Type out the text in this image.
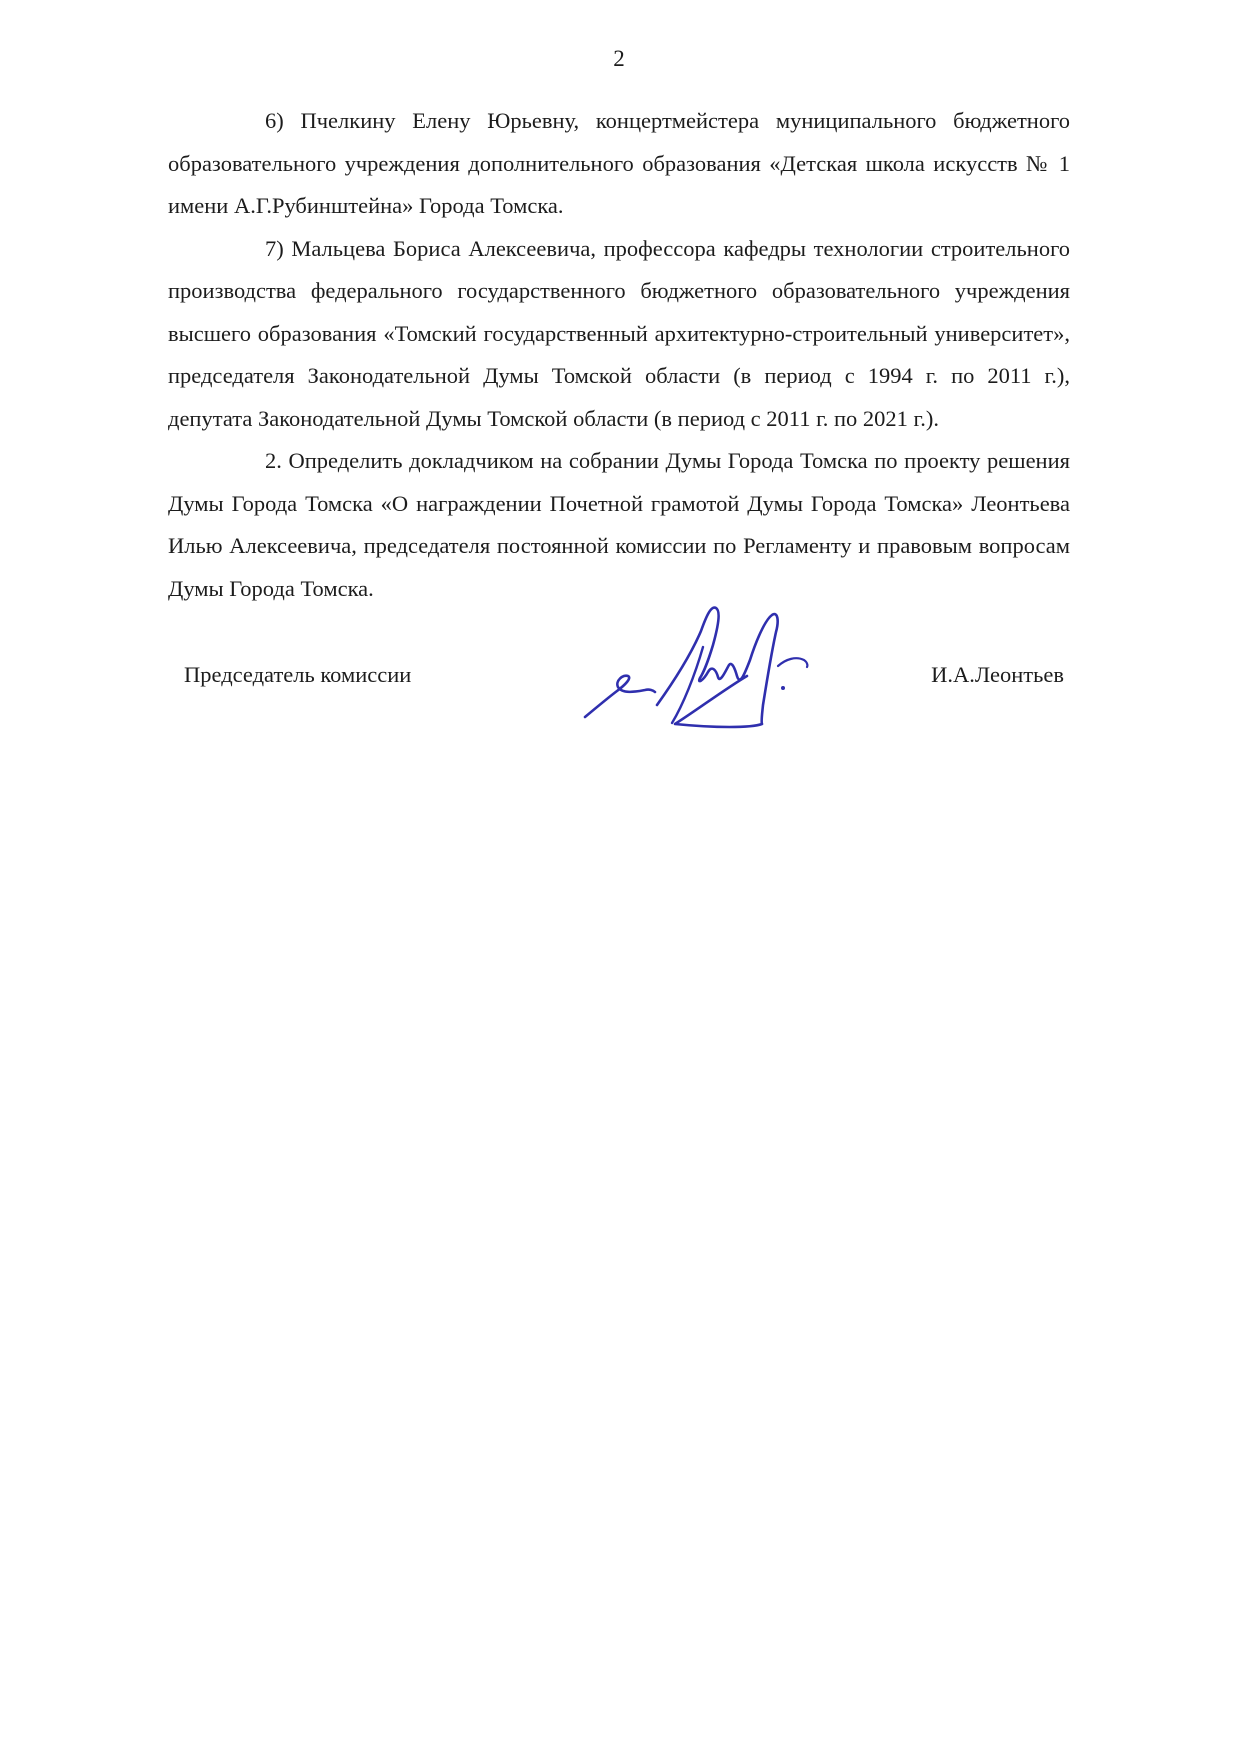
2

6) Пчелкину Елену Юрьевну, концертмейстера муниципального бюджетного образовательного учреждения дополнительного образования «Детская школа искусств № 1 имени А.Г.Рубинштейна» Города Томска.

7) Мальцева Бориса Алексеевича, профессора кафедры технологии строительного производства федерального государственного бюджетного образовательного учреждения высшего образования «Томский государственный архитектурно-строительный университет», председателя Законодательной Думы Томской области (в период с 1994 г. по 2011 г.), депутата Законодательной Думы Томской области (в период с 2011 г. по 2021 г.).

2. Определить докладчиком на собрании Думы Города Томска по проекту решения Думы Города Томска «О награждении Почетной грамотой Думы Города Томска» Леонтьева Илью Алексеевича, председателя постоянной комиссии по Регламенту и правовым вопросам Думы Города Томска.

Председатель комиссии	И.А.Леонтьев
